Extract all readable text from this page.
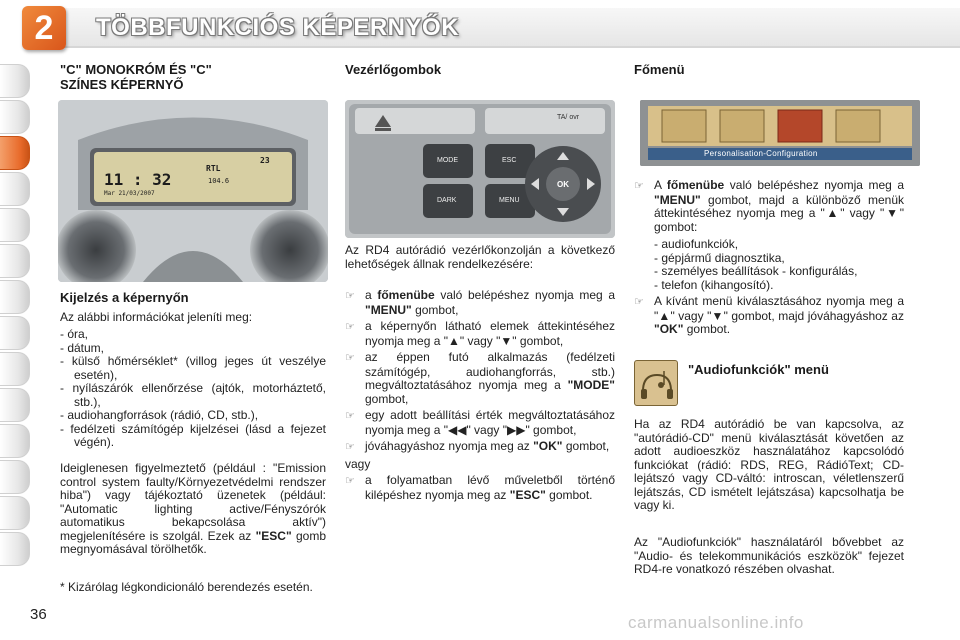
2	TÖBBFUNKCIÓS KÉPERNYŐK
"C" MONOKRÓM ÉS "C"
SZÍNES KÉPERNYŐ
11 : 32
RTL
104.6
23
Mar 21/03/2007
Kijelzés a képernyőn
Az alábbi információkat jeleníti meg:
- óra,
- dátum,
- külső hőmérséklet* (villog jeges út veszélye esetén),
- nyílászárók ellenőrzése (ajtók, motorháztető, stb.),
- audiohangforrások (rádió, CD, stb.),
- fedélzeti számítógép kijelzései (lásd a fejezet végén).
Ideiglenesen figyelmeztető (például : "Emission control system faulty/Környezetvédelmi rendszer hiba") vagy tájékoztató üzenetek (például: "Automatic lighting active/Fényszórók automatikus bekapcsolása aktív") megjelenítésére is szolgál. Ezek az "ESC" gomb megnyomásával törölhetők.
* Kizárólag légkondicionáló berendezés esetén.
Vezérlőgombok
TA/ ovr
MODE
DARK
ESC
MENU
OK
Az RD4 autórádió vezérlőkonzolján a következő lehetőségek állnak rendelkezésére:
☞ a főmenübe való belépéshez nyomja meg a "MENU" gombot,
☞ a képernyőn látható elemek áttekintéséhez nyomja meg a "▲" vagy "▼" gombot,
☞ az éppen futó alkalmazás (fedélzeti számítógép, audiohangforrás, stb.) megváltoztatásához nyomja meg a "MODE" gombot,
☞ egy adott beállítási érték megváltoztatásához nyomja meg a "◀◀" vagy "▶▶" gombot,
☞ jóváhagyáshoz nyomja meg az "OK" gombot,
vagy
☞ a folyamatban lévő műveletből történő kilépéshez nyomja meg az "ESC" gombot.
Főmenü
Personalisation-Configuration
☞ A főmenübe való belépéshez nyomja meg a "MENU" gombot, majd a különböző menük áttekintéséhez nyomja meg a "▲" vagy "▼" gombot:
- audiofunkciók,
- gépjármű diagnosztika,
- személyes beállítások - konfigurálás,
- telefon (kihangosító).
☞ A kívánt menü kiválasztásához nyomja meg a "▲" vagy "▼" gombot, majd jóváhagyáshoz az "OK" gombot.
"Audiofunkciók" menü
Ha az RD4 autórádió be van kapcsolva, az "autórádió-CD" menü kiválasztását követően az adott audioeszköz használatához kapcsolódó funkciókat (rádió: RDS, REG, RádióText; CD-lejátszó vagy CD-váltó: introscan, véletlenszerű lejátszás, CD ismételt lejátszása) kapcsolhatja be vagy ki.
Az "Audiofunkciók" használatáról bővebbet az "Audio- és telekommunikációs eszközök" fejezet RD4-re vonatkozó részében olvashat.
36	carmanualsonline.info
